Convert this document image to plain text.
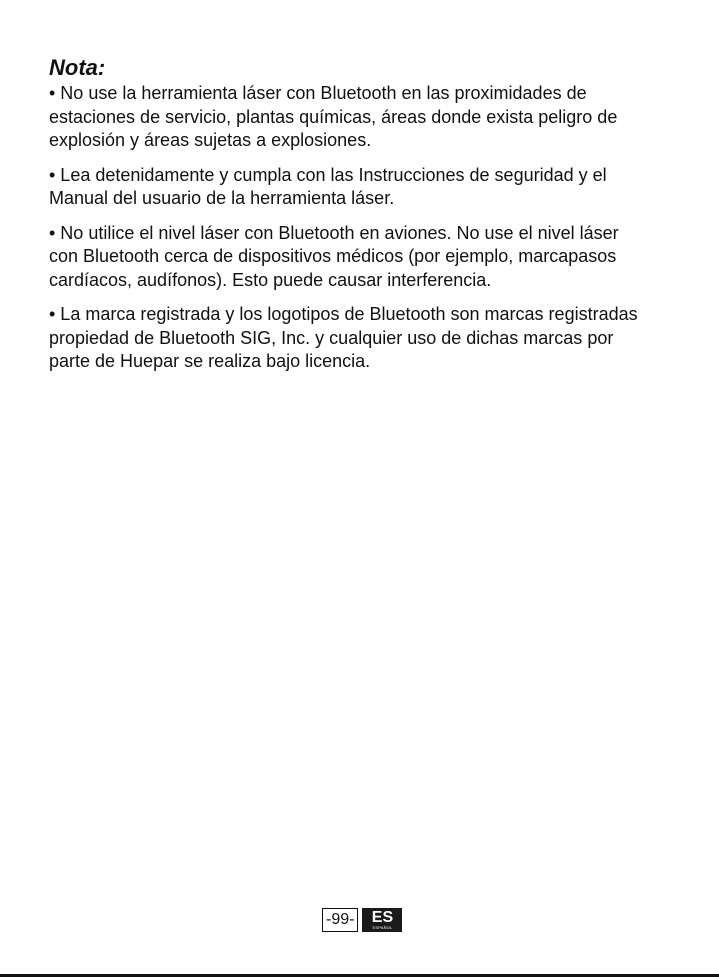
Nota:
• No use la herramienta láser con Bluetooth en las proximidades de estaciones de servicio, plantas químicas, áreas donde exista peligro de explosión y áreas sujetas a explosiones.
• Lea detenidamente y cumpla con las Instrucciones de seguridad y el Manual del usuario de la herramienta láser.
• No utilice el nivel láser con Bluetooth en aviones. No use el nivel láser con Bluetooth cerca de dispositivos médicos (por ejemplo, marcapasos cardíacos, audífonos). Esto puede causar interferencia.
• La marca registrada y los logotipos de Bluetooth son marcas registradas propiedad de Bluetooth SIG, Inc. y cualquier uso de dichas marcas por parte de Huepar se realiza bajo licencia.
-99- ES
ESPAÑOL
